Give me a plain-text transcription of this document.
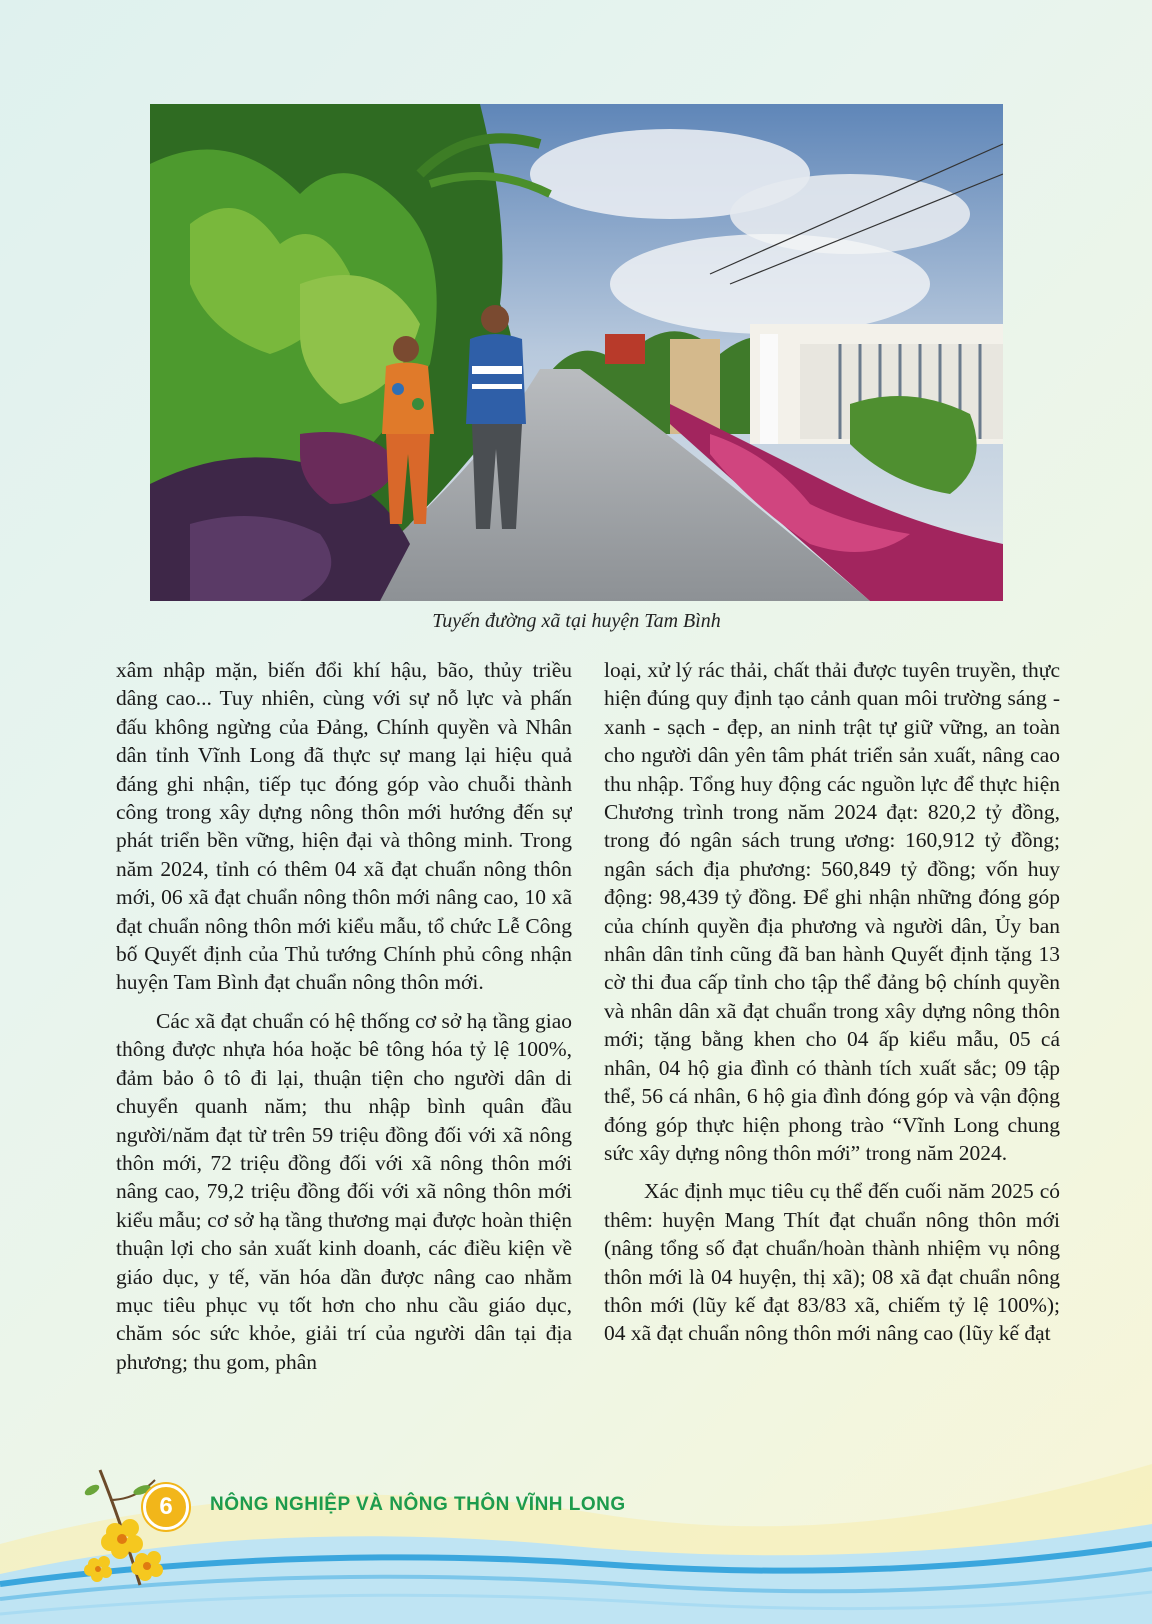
Tuyến đường xã tại huyện Tam Bình

xâm nhập mặn, biến đổi khí hậu, bão, thủy triều dâng cao... Tuy nhiên, cùng với sự nỗ lực và phấn đấu không ngừng của Đảng, Chính quyền và Nhân dân tỉnh Vĩnh Long đã thực sự mang lại hiệu quả đáng ghi nhận, tiếp tục đóng góp vào chuỗi thành công trong xây dựng nông thôn mới hướng đến sự phát triển bền vững, hiện đại và thông minh. Trong năm 2024, tỉnh có thêm 04 xã đạt chuẩn nông thôn mới, 06 xã đạt chuẩn nông thôn mới nâng cao, 10 xã đạt chuẩn nông thôn mới kiểu mẫu, tổ chức Lễ Công bố Quyết định của Thủ tướng Chính phủ công nhận huyện Tam Bình đạt chuẩn nông thôn mới.

Các xã đạt chuẩn có hệ thống cơ sở hạ tầng giao thông được nhựa hóa hoặc bê tông hóa tỷ lệ 100%, đảm bảo ô tô đi lại, thuận tiện cho người dân di chuyển quanh năm; thu nhập bình quân đầu người/năm đạt từ trên 59 triệu đồng đối với xã nông thôn mới, 72 triệu đồng đối với xã nông thôn mới nâng cao, 79,2 triệu đồng đối với xã nông thôn mới kiểu mẫu; cơ sở hạ tầng thương mại được hoàn thiện thuận lợi cho sản xuất kinh doanh, các điều kiện về giáo dục, y tế, văn hóa dần được nâng cao nhằm mục tiêu phục vụ tốt hơn cho nhu cầu giáo dục, chăm sóc sức khỏe, giải trí của người dân tại địa phương; thu gom, phân

loại, xử lý rác thải, chất thải được tuyên truyền, thực hiện đúng quy định tạo cảnh quan môi trường sáng - xanh - sạch - đẹp, an ninh trật tự giữ vững, an toàn cho người dân yên tâm phát triển sản xuất, nâng cao thu nhập. Tổng huy động các nguồn lực để thực hiện Chương trình trong năm 2024 đạt: 820,2 tỷ đồng, trong đó ngân sách trung ương: 160,912 tỷ đồng; ngân sách địa phương: 560,849 tỷ đồng; vốn huy động: 98,439 tỷ đồng. Để ghi nhận những đóng góp của chính quyền địa phương và người dân, Ủy ban nhân dân tỉnh cũng đã ban hành Quyết định tặng 13 cờ thi đua cấp tỉnh cho tập thể đảng bộ chính quyền và nhân dân xã đạt chuẩn trong xây dựng nông thôn mới; tặng bằng khen cho 04 ấp kiểu mẫu, 05 cá nhân, 04 hộ gia đình có thành tích xuất sắc; 09 tập thể, 56 cá nhân, 6 hộ gia đình đóng góp và vận động đóng góp thực hiện phong trào “Vĩnh Long chung sức xây dựng nông thôn mới” trong năm 2024.

Xác định mục tiêu cụ thể đến cuối năm 2025 có thêm: huyện Mang Thít đạt chuẩn nông thôn mới (nâng tổng số đạt chuẩn/hoàn thành nhiệm vụ nông thôn mới là 04 huyện, thị xã); 08 xã đạt chuẩn nông thôn mới (lũy kế đạt 83/83 xã, chiếm tỷ lệ 100%); 04 xã đạt chuẩn nông thôn mới nâng cao (lũy kế đạt

6	NÔNG NGHIỆP VÀ NÔNG THÔN VĨNH LONG
